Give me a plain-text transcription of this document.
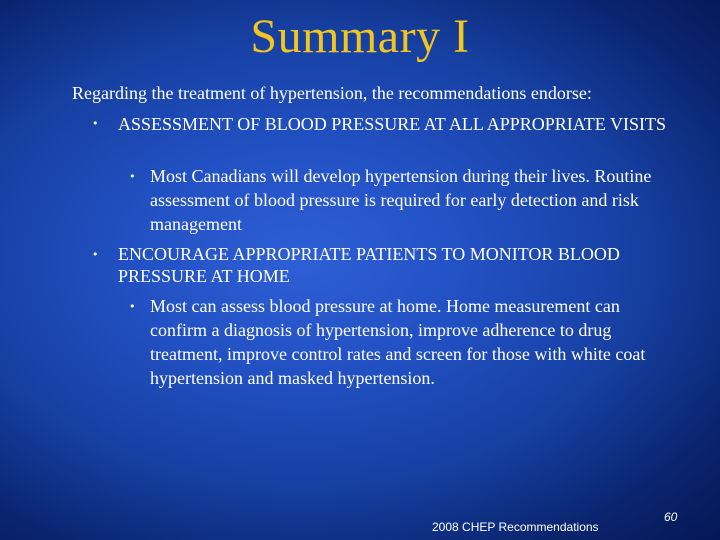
Summary I
Regarding the treatment of hypertension, the recommendations endorse:
• ASSESSMENT OF BLOOD PRESSURE AT ALL APPROPRIATE VISITS
• Most Canadians will develop hypertension during their lives. Routine assessment of blood pressure is required for early detection and risk management
• ENCOURAGE APPROPRIATE PATIENTS TO MONITOR BLOOD PRESSURE AT HOME
• Most can assess blood pressure at home. Home measurement can confirm a diagnosis of hypertension, improve adherence to drug treatment, improve control rates and screen for those with white coat hypertension and masked hypertension.
2008 CHEP Recommendations
60
